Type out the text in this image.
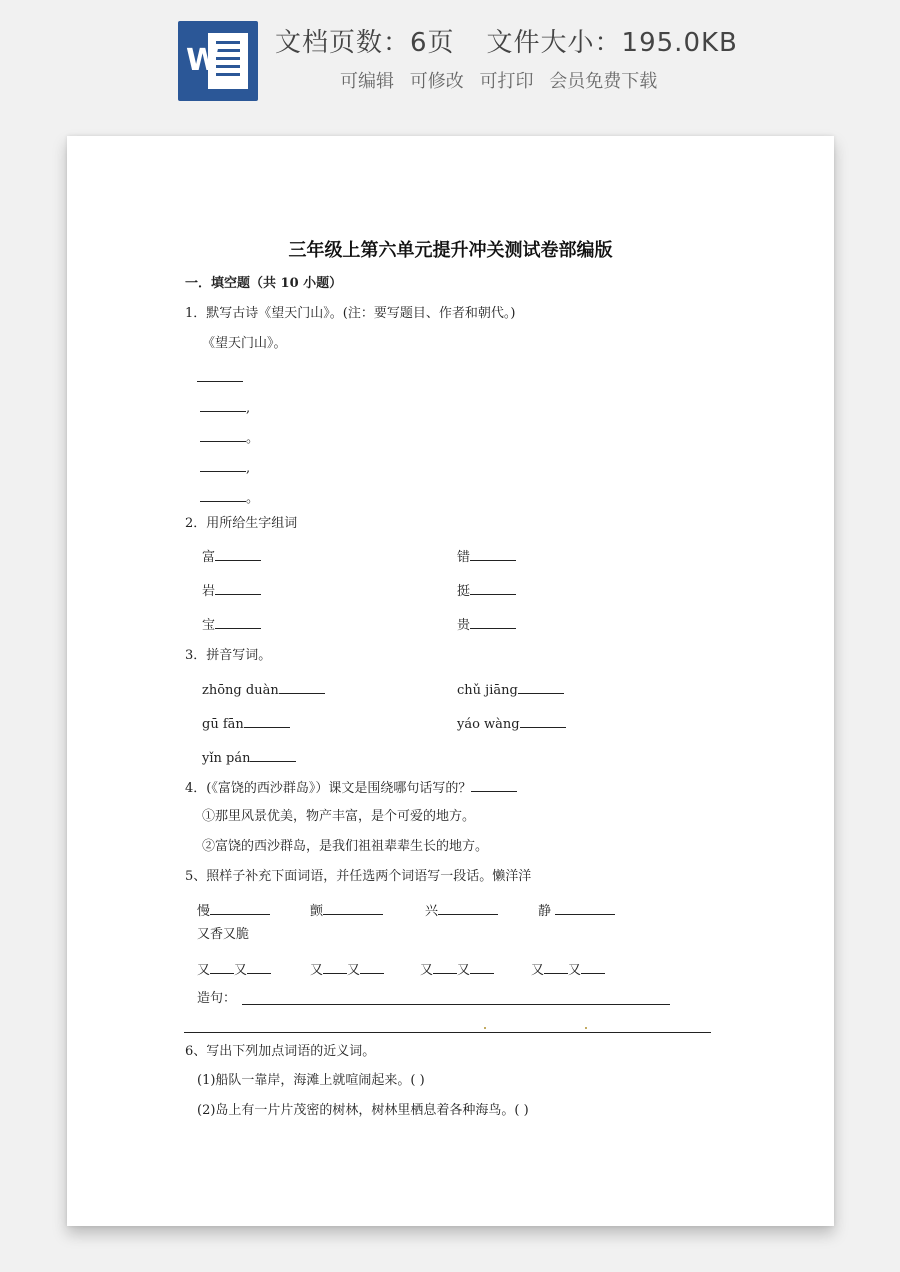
W 文档页数：6页 文件大小：195.0KB
可编辑 可修改 可打印 会员免费下载
三年级上第六单元提升冲关测试卷部编版
一．填空题（共 10 小题）
1．默写古诗《望天门山》。(注：要写题目、作者和朝代。)
《望天门山》。
,
。
,
。
2．用所给生字组词
富	错
岩	挺
宝	贵
3．拼音写词。
zhōng duàn	chǔ jiāng
gū fān	yáo wàng
yǐn pán
4．(《富饶的西沙群岛》）课文是围绕哪句话写的？
①那里风景优美，物产丰富，是个可爱的地方。
②富饶的西沙群岛，是我们祖祖辈辈生长的地方。
5、照样子补充下面词语，并任选两个词语写一段话。懒洋洋
慢	颤	兴	静
又香又脆
又 又	又 又	又 又	又 又
造句：
6、写出下列加点词语的近义词。
(1)船队一靠岸，海滩上就喧闹起来。( )
(2)岛上有一片片茂密的树林，树林里栖息着各种海鸟。( )
